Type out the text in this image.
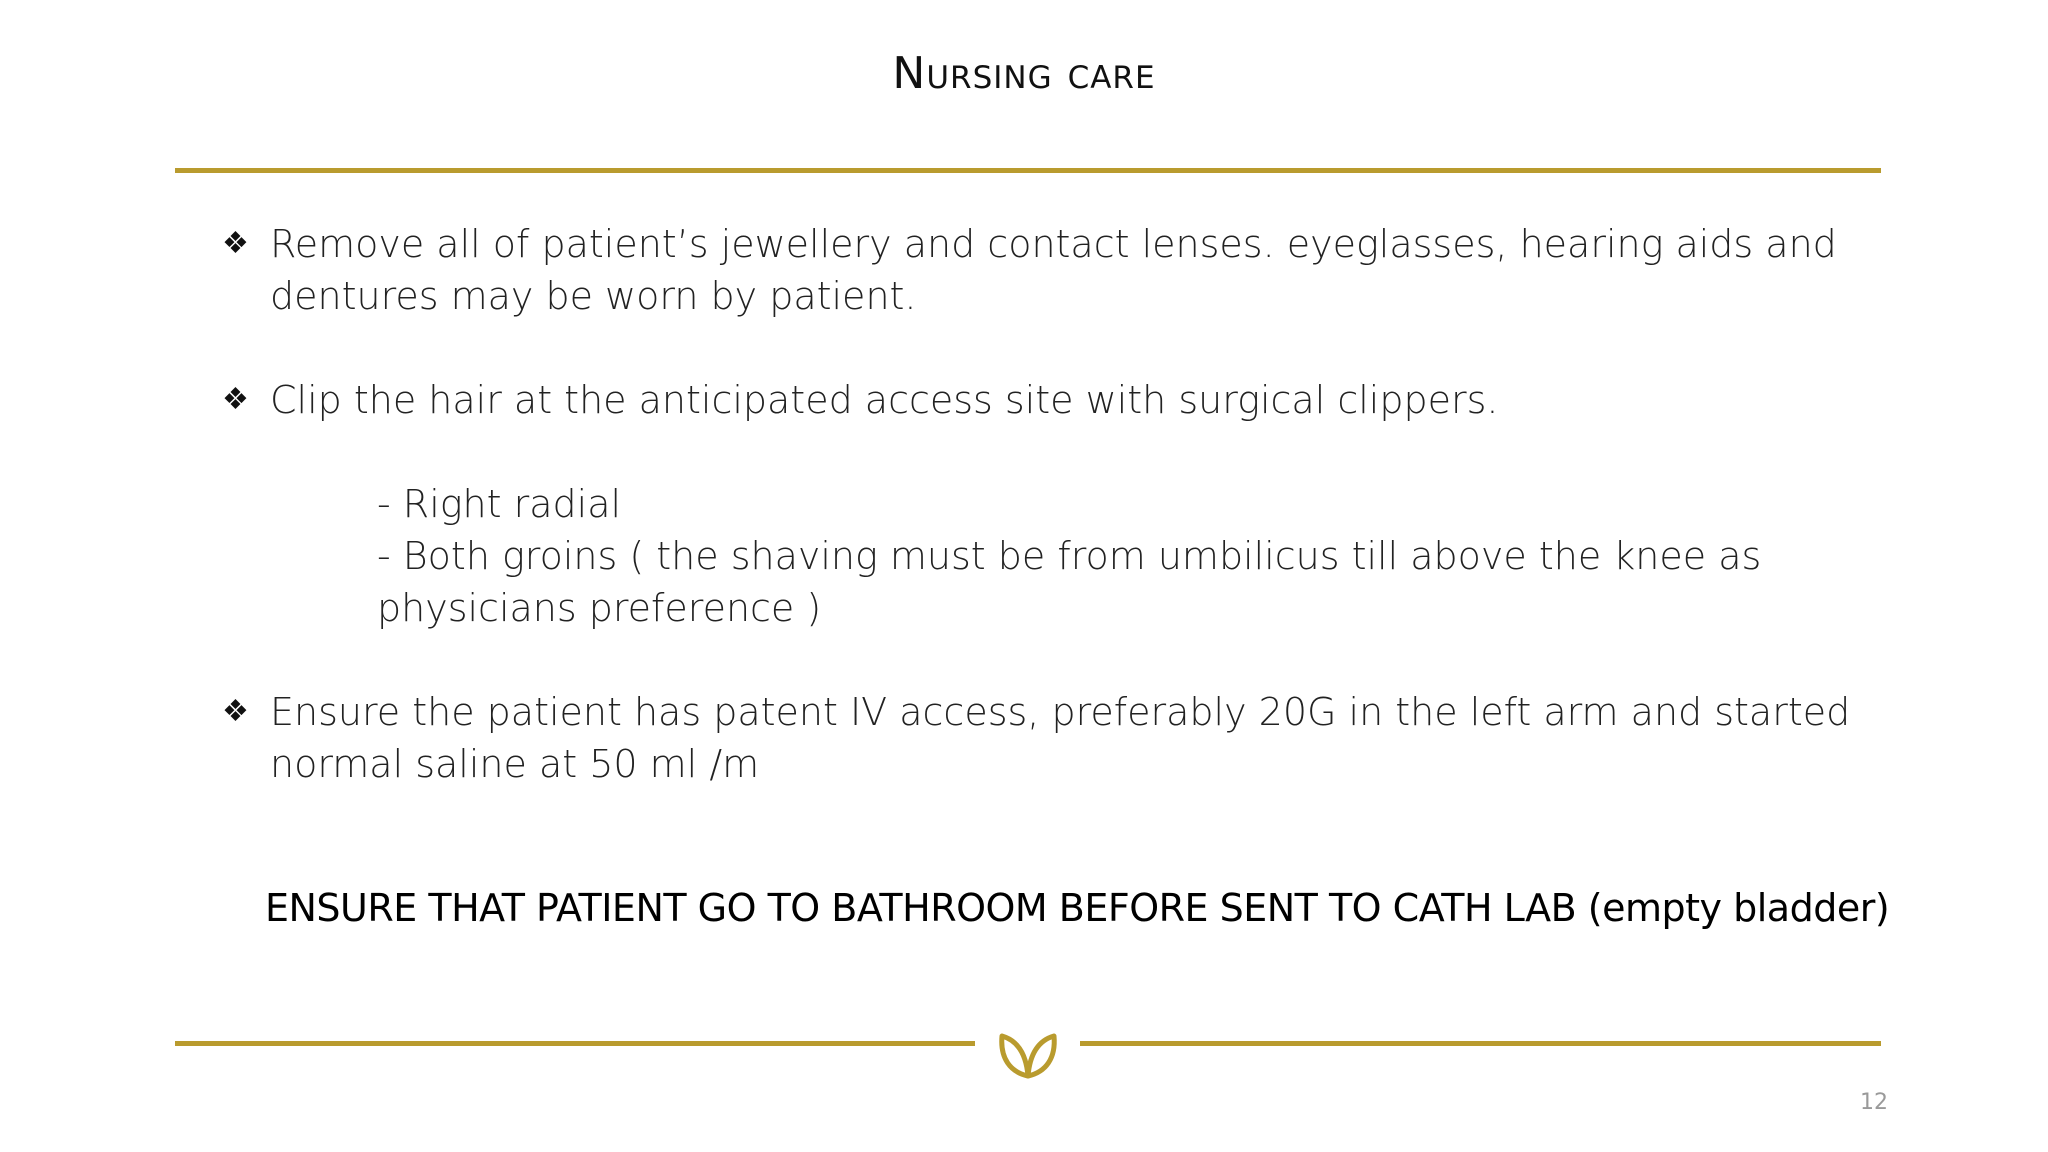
Nursing care

❖ Remove all of patient’s jewellery and contact lenses. eyeglasses, hearing aids and dentures may be worn by patient.

❖ Clip the hair at the anticipated access site with surgical clippers.

- Right radial

- Both groins ( the shaving must be from umbilicus till above the knee as physicians preference )

❖ Ensure the patient has patent IV access, preferably 20G in the left arm and started normal saline at 50 ml /m

ENSURE THAT PATIENT GO TO BATHROOM BEFORE SENT TO CATH LAB (empty bladder)
12
